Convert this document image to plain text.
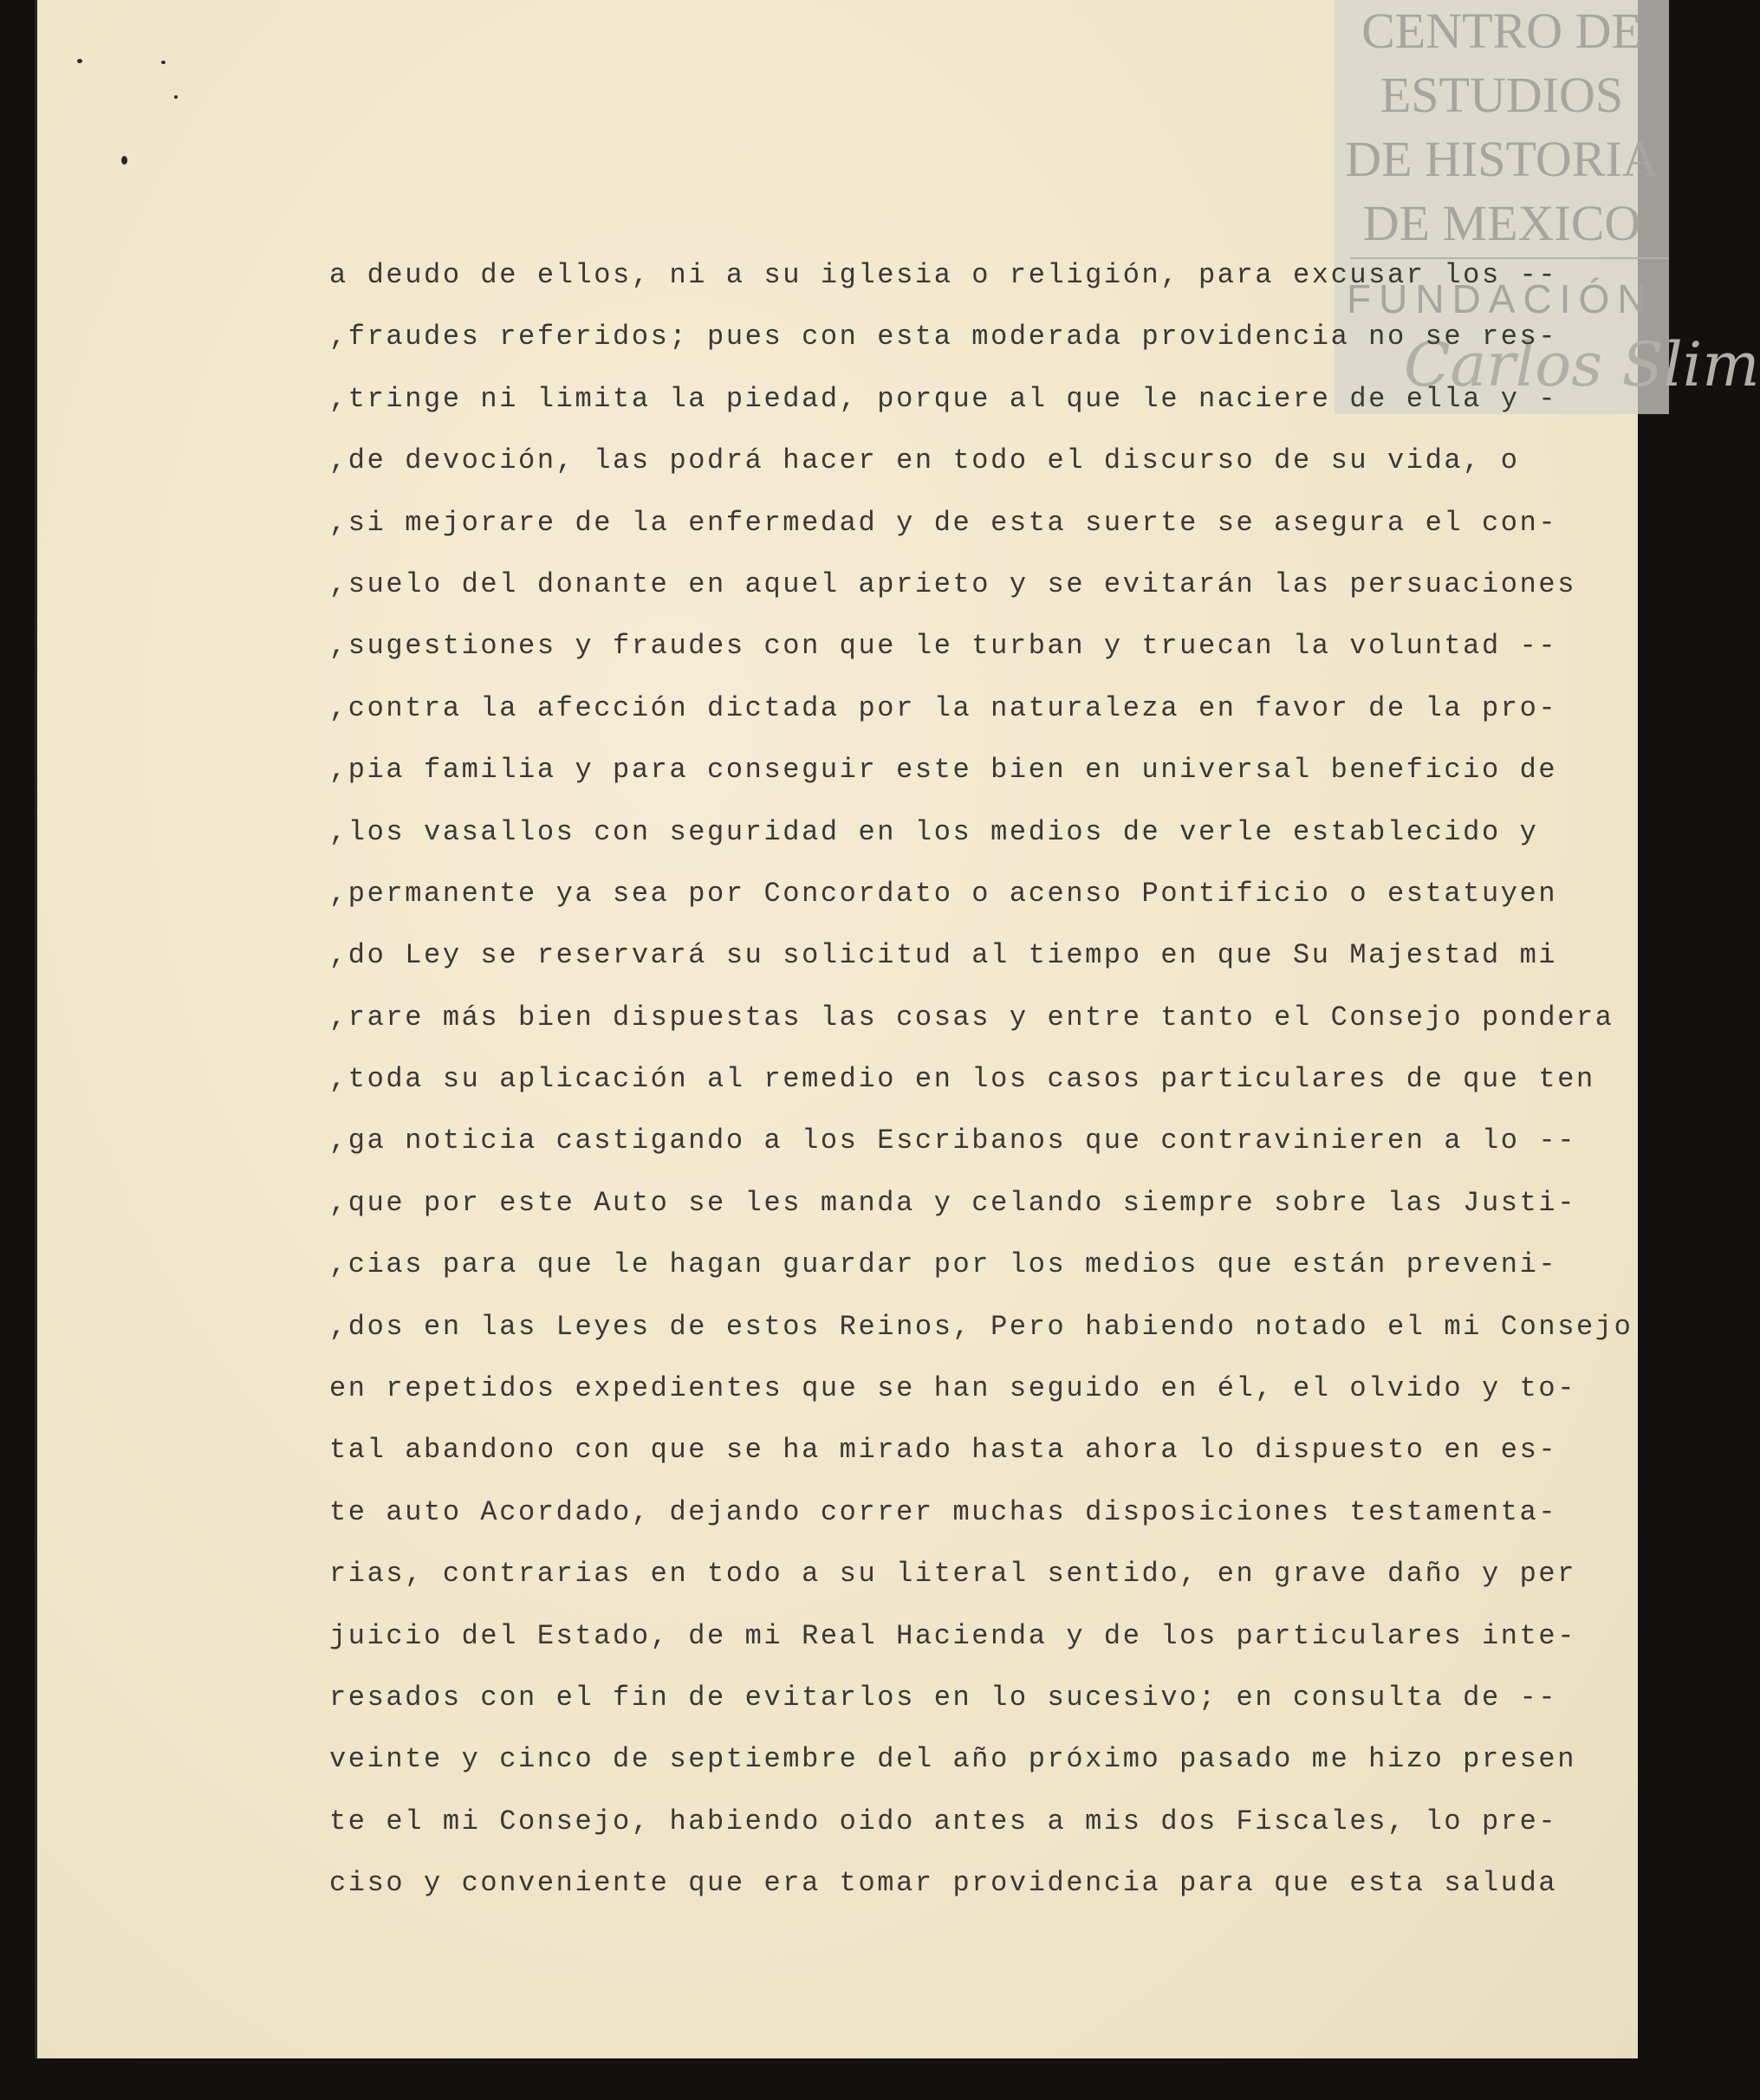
CENTRO DE
ESTUDIOS
DE HISTORIA
DE MEXICO
FUNDACIÓN
Carlos Slim
a deudo de ellos, ni a su iglesia o religión, para excusar los --
,fraudes referidos; pues con esta moderada providencia no se res-
,tringe ni limita la piedad, porque al que le naciere de ella y -
,de devoción, las podrá hacer en todo el discurso de su vida, o
,si mejorare de la enfermedad y de esta suerte se asegura el con-
,suelo del donante en aquel aprieto y se evitarán las persuaciones
,sugestiones y fraudes con que le turban y truecan la voluntad --
,contra la afección dictada por la naturaleza en favor de la pro-
,pia familia y para conseguir este bien en universal beneficio de
,los vasallos con seguridad en los medios de verle establecido y
,permanente ya sea por Concordato o acenso Pontificio o estatuyen
,do Ley se reservará su solicitud al tiempo en que Su Majestad mi
,rare más bien dispuestas las cosas y entre tanto el Consejo pondera
,toda su aplicación al remedio en los casos particulares de que ten
,ga noticia castigando a los Escribanos que contravinieren a lo --
,que por este Auto se les manda y celando siempre sobre las Justi-
,cias para que le hagan guardar por los medios que están preveni-
,dos en las Leyes de estos Reinos, Pero habiendo notado el mi Consejo
en repetidos expedientes que se han seguido en él, el olvido y to-
tal abandono con que se ha mirado hasta ahora lo dispuesto en es-
te auto Acordado, dejando correr muchas disposiciones testamenta-
rias, contrarias en todo a su literal sentido, en grave daño y per
juicio del Estado, de mi Real Hacienda y de los particulares inte-
resados con el fin de evitarlos en lo sucesivo; en consulta de --
veinte y cinco de septiembre del año próximo pasado me hizo presen
te el mi Consejo, habiendo oido antes a mis dos Fiscales, lo pre-
ciso y conveniente que era tomar providencia para que esta saluda
